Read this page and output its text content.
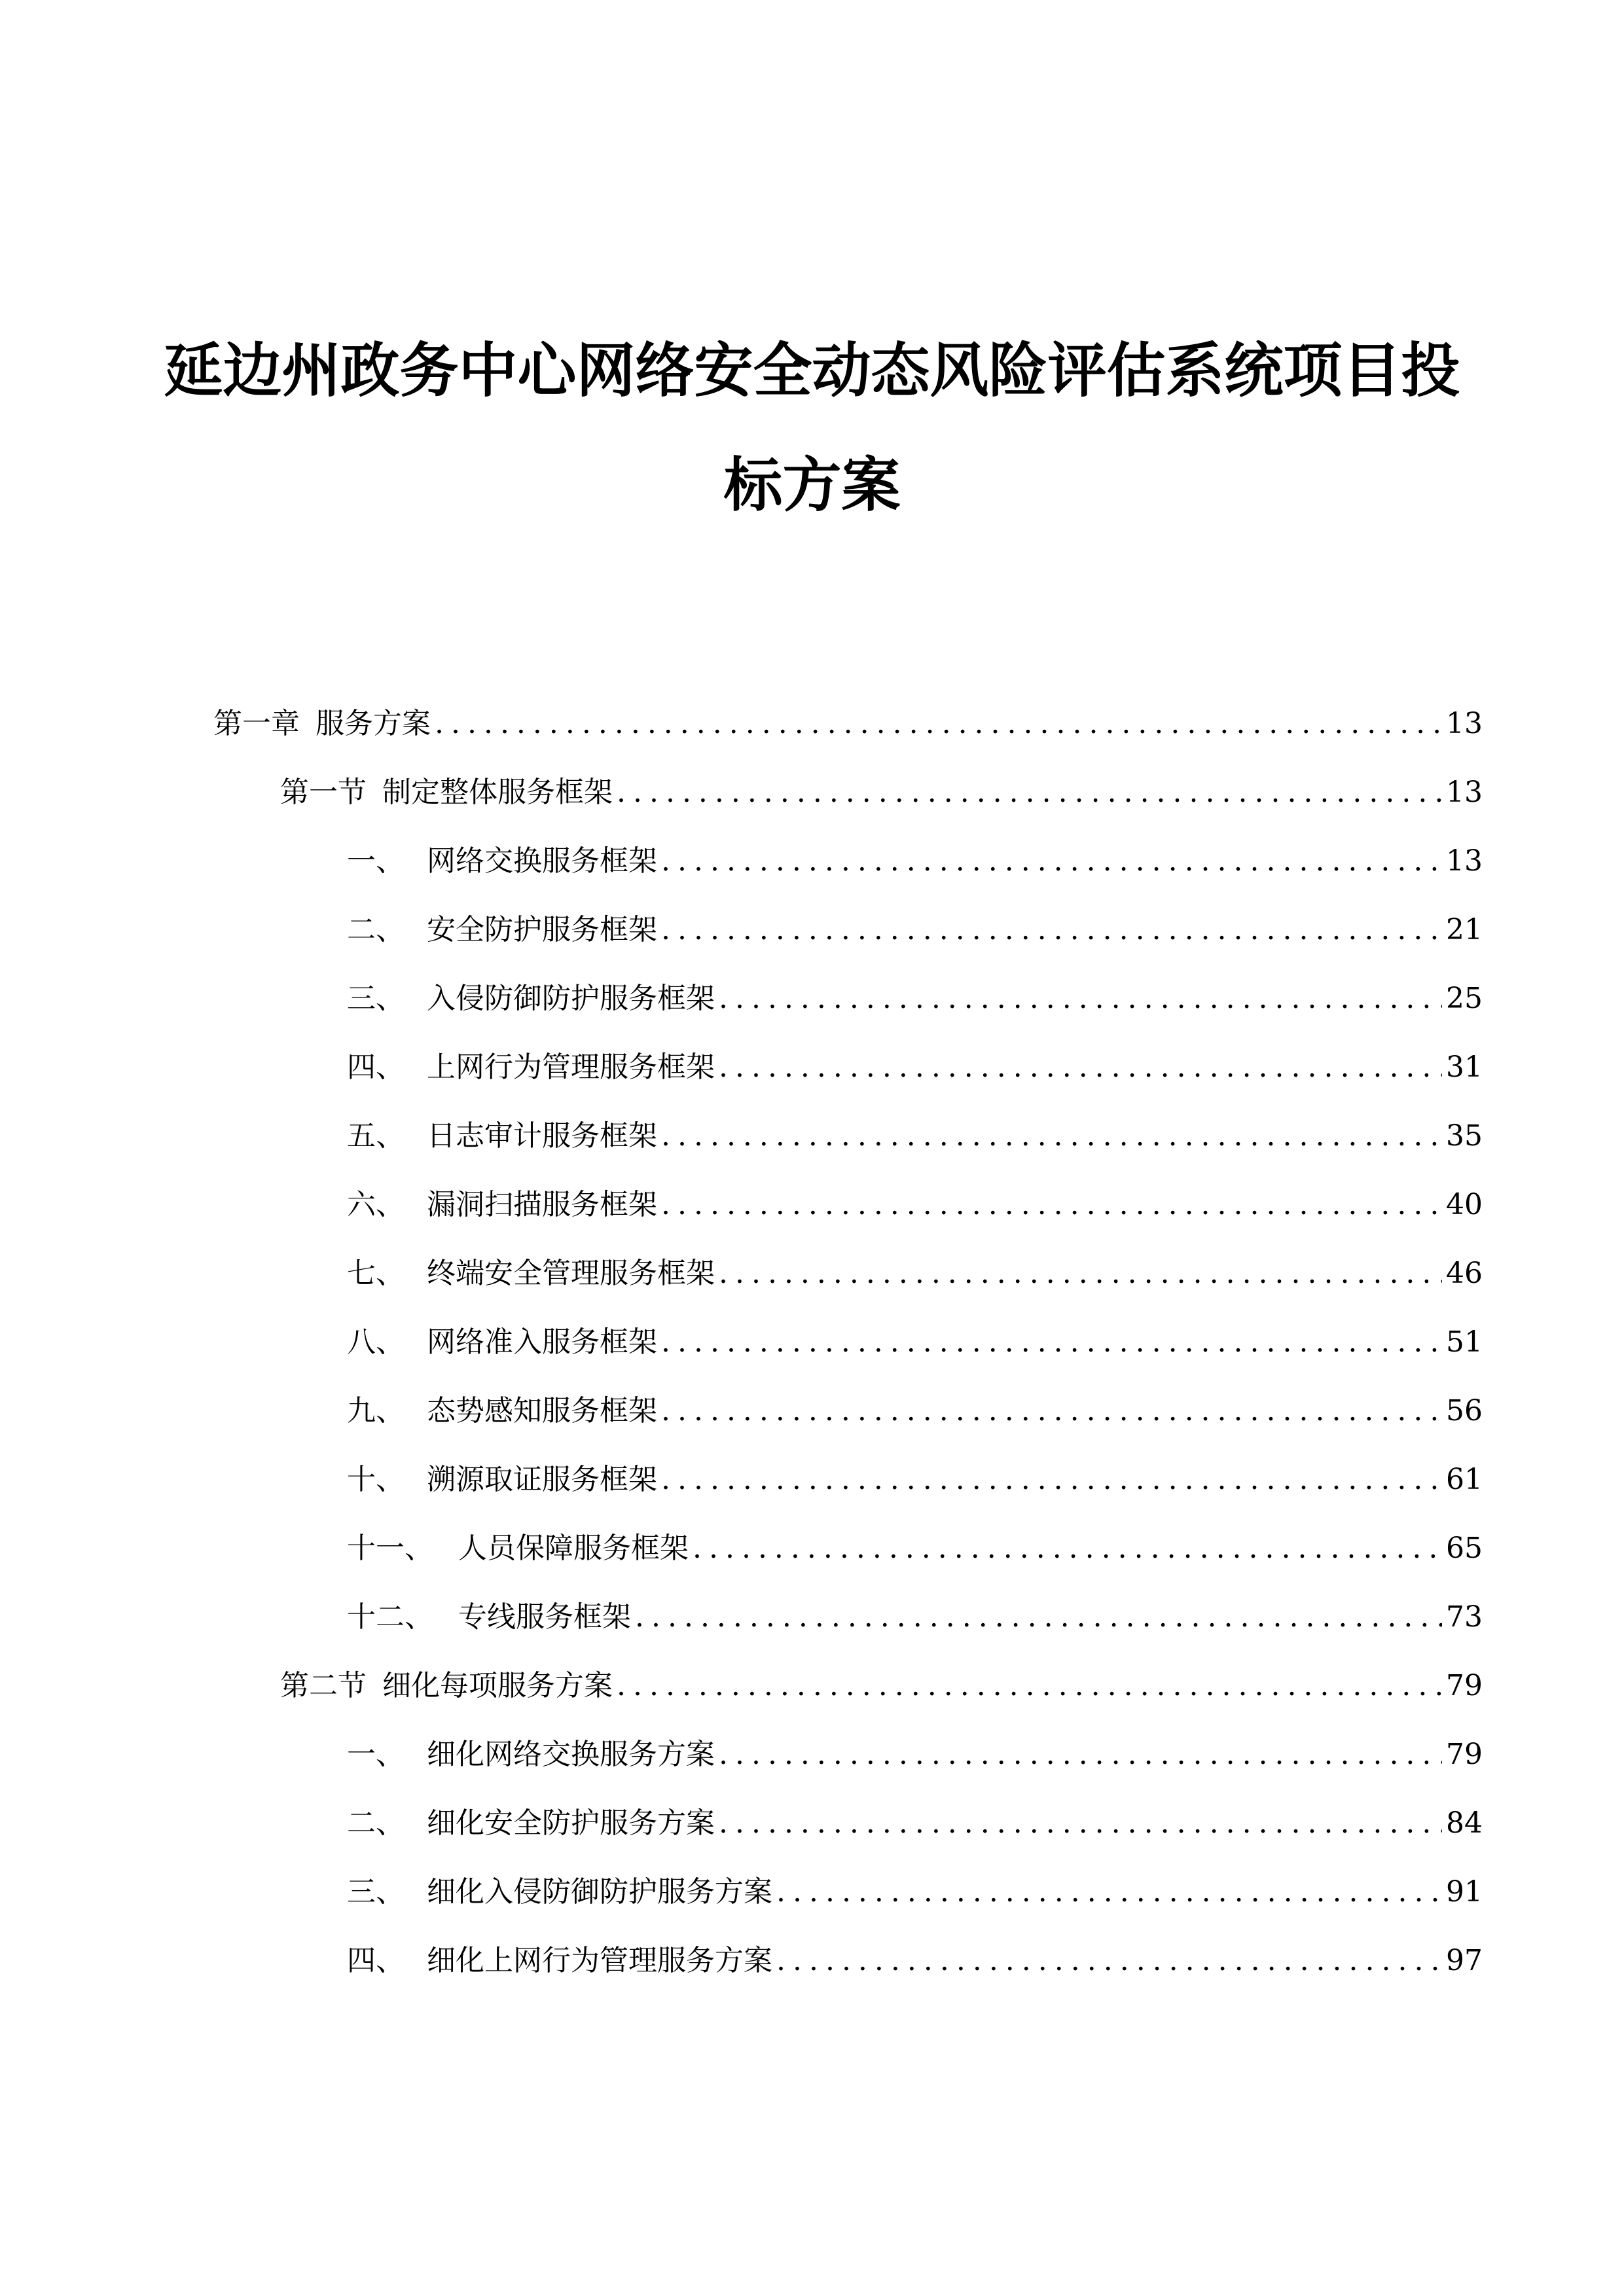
延边州政务中心网络安全动态风险评估系统项目投
标方案
第一章 服务方案 .....	13
第一节 制定整体服务框架 .....	13
一、 网络交换服务框架 .....	13
二、 安全防护服务框架 .....	21
三、 入侵防御防护服务框架 .....	25
四、 上网行为管理服务框架 .....	31
五、 日志审计服务框架 .....	35
六、 漏洞扫描服务框架 .....	40
七、 终端安全管理服务框架 .....	46
八、 网络准入服务框架 .....	51
九、 态势感知服务框架 .....	56
十、 溯源取证服务框架 .....	61
十一、 人员保障服务框架 .....	65
十二、 专线服务框架 .....	73
第二节 细化每项服务方案 .....	79
一、 细化网络交换服务方案 .....	79
二、 细化安全防护服务方案 .....	84
三、 细化入侵防御防护服务方案 .....	91
四、 细化上网行为管理服务方案 .....	97
